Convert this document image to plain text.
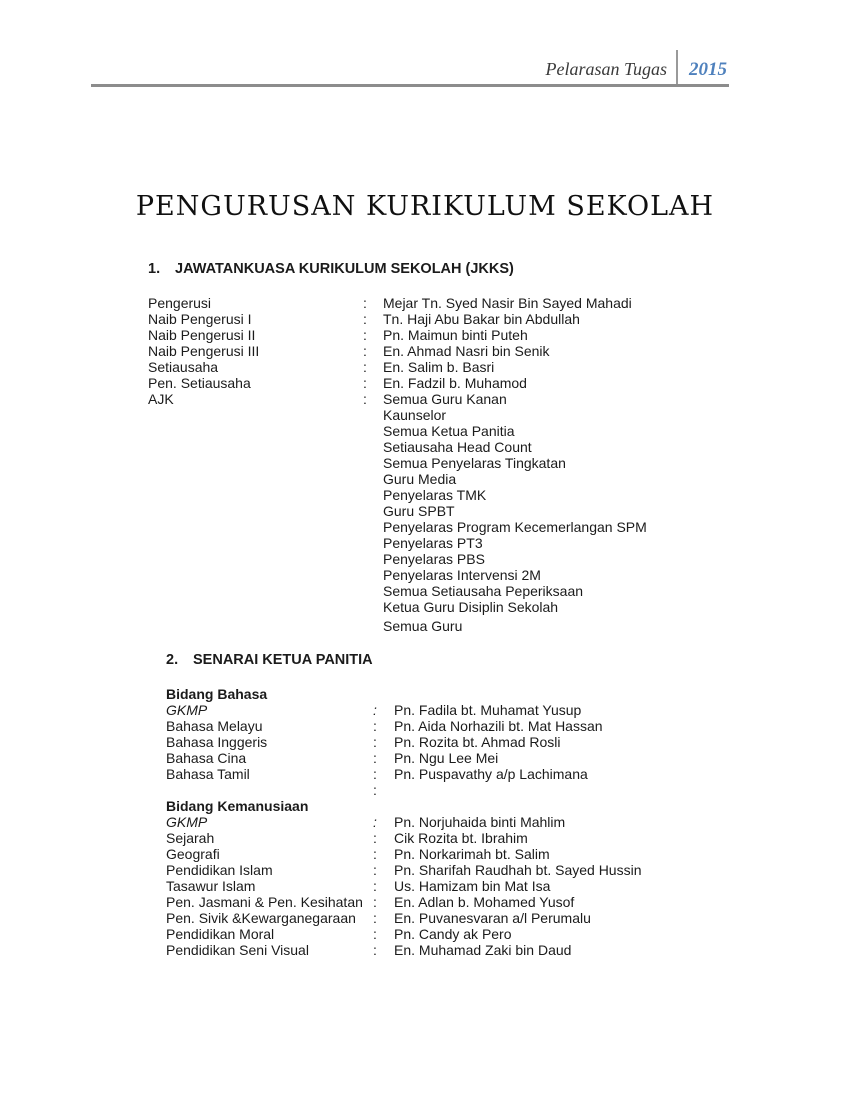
Pelarasan Tugas	2015
PENGURUSAN KURIKULUM SEKOLAH
1.	JAWATANKUASA KURIKULUM SEKOLAH (JKKS)
Pengerusi	:	Mejar Tn. Syed Nasir Bin Sayed Mahadi
Naib Pengerusi I	:	Tn. Haji Abu Bakar bin Abdullah
Naib Pengerusi II	:	Pn. Maimun binti Puteh
Naib Pengerusi III	:	En. Ahmad Nasri bin Senik
Setiausaha	:	En. Salim b. Basri
Pen. Setiausaha	:	En. Fadzil b. Muhamod
AJK	:	Semua Guru Kanan
Kaunselor
Semua Ketua Panitia
Setiausaha Head Count
Semua Penyelaras Tingkatan
Guru Media
Penyelaras TMK
Guru SPBT
Penyelaras Program Kecemerlangan SPM
Penyelaras PT3
Penyelaras PBS
Penyelaras Intervensi 2M
Semua Setiausaha Peperiksaan
Ketua Guru Disiplin Sekolah
Semua Guru
2.	SENARAI KETUA PANITIA
Bidang Bahasa
GKMP	:	Pn. Fadila bt. Muhamat Yusup
Bahasa Melayu	:	Pn. Aida Norhazili bt. Mat Hassan
Bahasa Inggeris	:	Pn. Rozita bt. Ahmad Rosli
Bahasa Cina	:	Pn. Ngu Lee Mei
Bahasa Tamil	:	Pn. Puspavathy a/p Lachimana
:
Bidang Kemanusiaan
GKMP	:	Pn. Norjuhaida binti Mahlim
Sejarah	:	Cik Rozita bt. Ibrahim
Geografi	:	Pn. Norkarimah bt. Salim
Pendidikan Islam	:	Pn. Sharifah Raudhah bt. Sayed Hussin
Tasawur Islam	:	Us. Hamizam bin Mat Isa
Pen. Jasmani & Pen. Kesihatan :	En. Adlan b. Mohamed Yusof
Pen. Sivik &Kewarganegaraan	:	En. Puvanesvaran a/l Perumalu
Pendidikan Moral	:	Pn. Candy ak Pero
Pendidikan Seni Visual	:	En. Muhamad Zaki bin Daud
